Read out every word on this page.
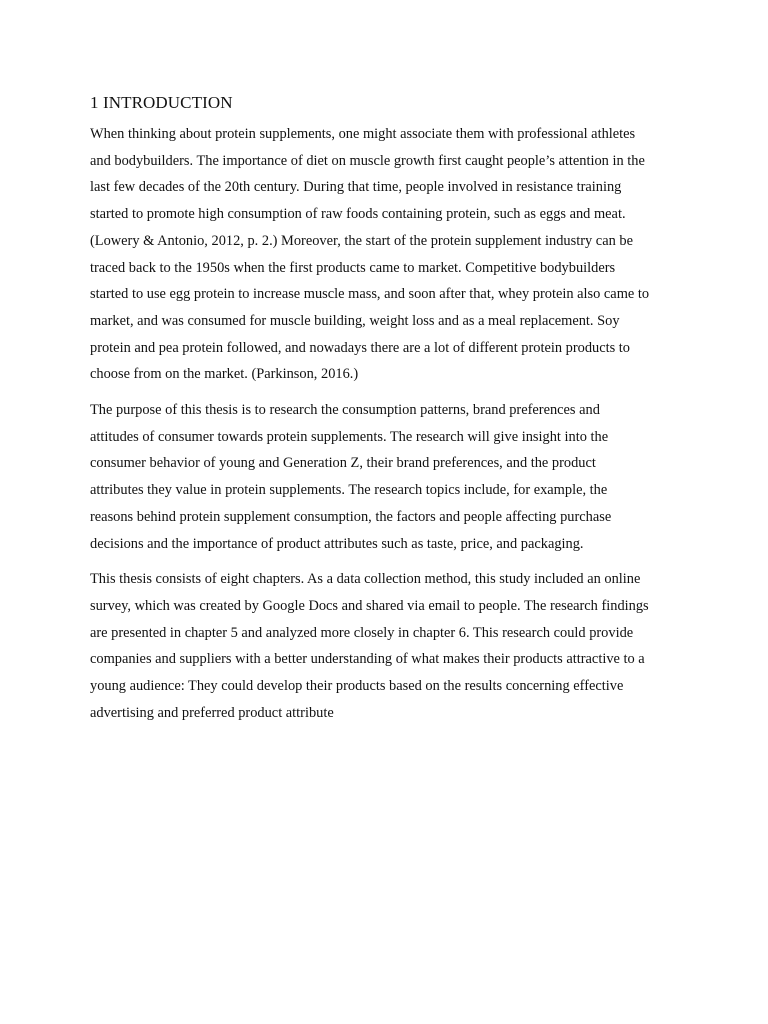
1 INTRODUCTION

When thinking about protein supplements, one might associate them with professional athletes
and bodybuilders. The importance of diet on muscle growth first caught people’s attention in the
last few decades of the 20th century. During that time, people involved in resistance training
started to promote high consumption of raw foods containing protein, such as eggs and meat.
(Lowery & Antonio, 2012, p. 2.) Moreover, the start of the protein supplement industry can be
traced back to the 1950s when the first products came to market. Competitive bodybuilders
started to use egg protein to increase muscle mass, and soon after that, whey protein also came to
market, and was consumed for muscle building, weight loss and as a meal replacement. Soy
protein and pea protein followed, and nowadays there are a lot of different protein products to
choose from on the market. (Parkinson, 2016.)

The purpose of this thesis is to research the consumption patterns, brand preferences and
attitudes of consumer towards protein supplements. The research will give insight into the
consumer behavior of young and Generation Z, their brand preferences, and the product
attributes they value in protein supplements. The research topics include, for example, the
reasons behind protein supplement consumption, the factors and people affecting purchase
decisions and the importance of product attributes such as taste, price, and packaging.

This thesis consists of eight chapters. As a data collection method, this study included an online
survey, which was created by Google Docs and shared via email to people. The research findings
are presented in chapter 5 and analyzed more closely in chapter 6. This research could provide
companies and suppliers with a better understanding of what makes their products attractive to a
young audience: They could develop their products based on the results concerning effective
advertising and preferred product attribute
